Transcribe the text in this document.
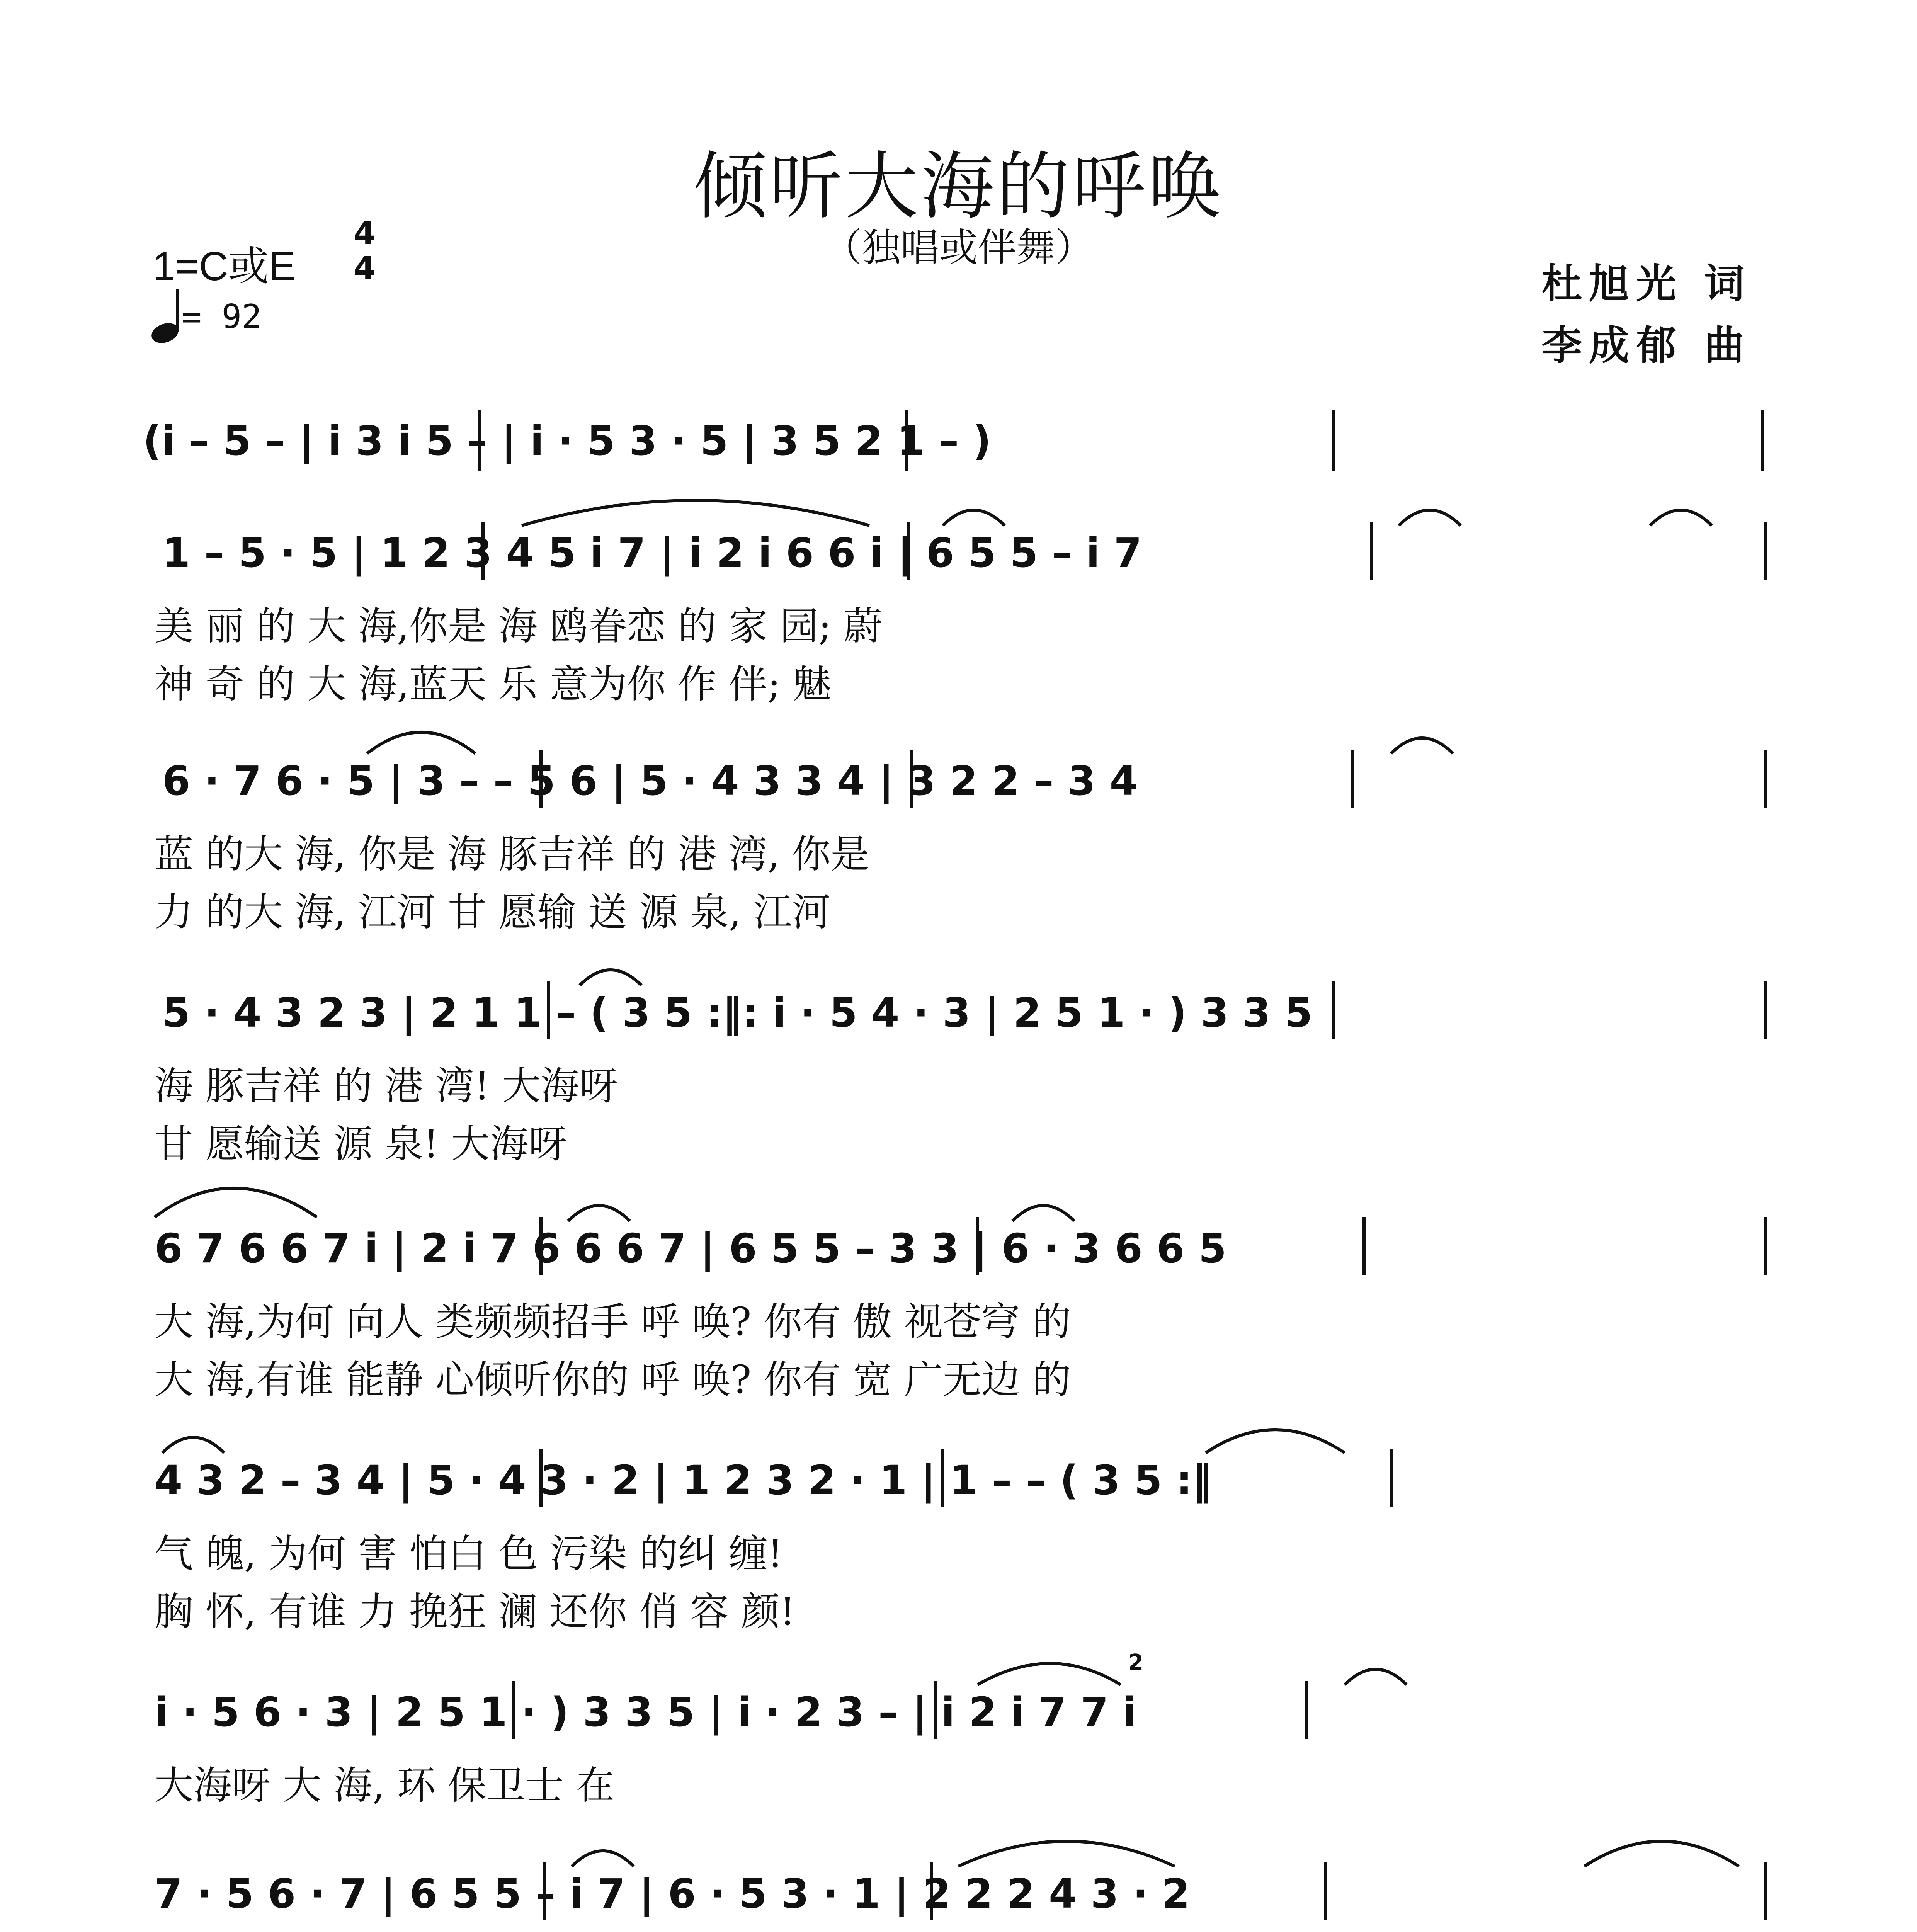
倾听大海的呼唤
（独唱或伴舞）
1=C或E
4
4
= 92
杜旭光 词
李成郁 曲
(i – 5 – | i 3 i 5 – | i · 5 3 · 5 | 3 5 2 1 – )
1 – 5 · 5 | 1 2 3 4 5 i 7 | i 2 i 6 6 i | 6 5 5 – i 7
美 丽 的 大 海,你是 海 鸥眷恋 的 家 园; 蔚
神 奇 的 大 海,蓝天 乐 意为你 作 伴; 魅
6 · 7 6 · 5 | 3 – – 5 6 | 5 · 4 3 3 4 | 3 2 2 – 3 4
蓝 的大 海, 你是 海 豚吉祥 的 港 湾, 你是
力 的大 海, 江河 甘 愿输 送 源 泉, 江河
5 · 4 3 2 3 | 2 1 1 – ( 3 5 :‖: i · 5 4 · 3 | 2 5 1 · ) 3 3 5
海 豚吉祥 的 港 湾! 大海呀
甘 愿输送 源 泉! 大海呀
6 7 6 6 7 i | 2 i 7 6 6 6 7 | 6 5 5 – 3 3 | 6 · 3 6 6 5
大 海,为何 向人 类频频招手 呼 唤? 你有 傲 视苍穹 的
大 海,有谁 能静 心倾听你的 呼 唤? 你有 宽 广无边 的
4 3 2 – 3 4 | 5 · 4 3 · 2 | 1 2 3 2 · 1 | 1 – – ( 3 5 :‖
气 魄, 为何 害 怕白 色 污染 的纠 缠!
胸 怀, 有谁 力 挽狂 澜 还你 俏 容 颜!
i · 5 6 · 3 | 2 5 1 · ) 3 3 5 | i · 2 3 – | i 2 i 7 7 i
2
大海呀 大 海, 环 保卫士 在
7 · 5 6 · 7 | 6 5 5 – i 7 | 6 · 5 3 · 1 | 2 2 2 4 3 · 2
